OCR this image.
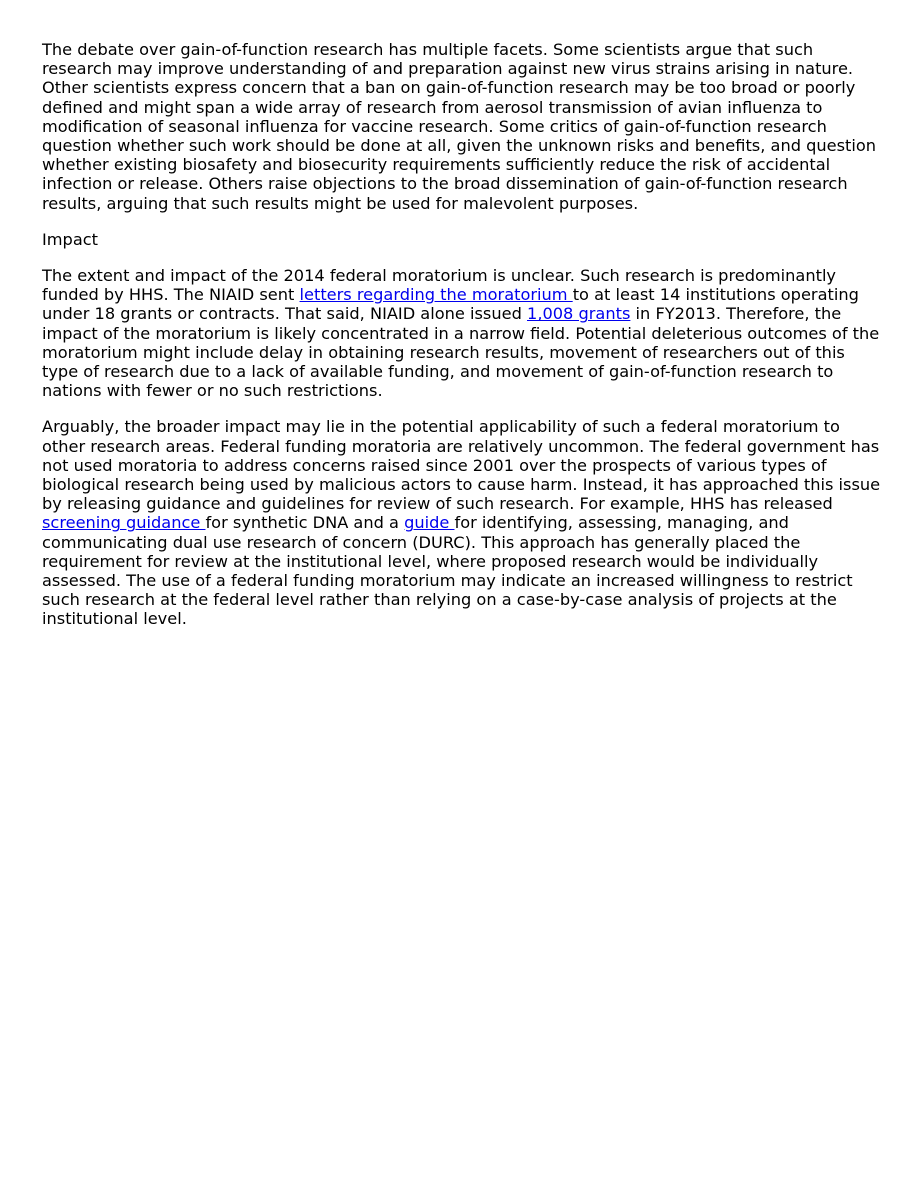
The debate over gain-of-function research has multiple facets. Some scientists argue that such research may improve understanding of and preparation against new virus strains arising in nature. Other scientists express concern that a ban on gain-of-function research may be too broad or poorly defined and might span a wide array of research from aerosol transmission of avian influenza to modification of seasonal influenza for vaccine research. Some critics of gain-of-function research question whether such work should be done at all, given the unknown risks and benefits, and question whether existing biosafety and biosecurity requirements sufficiently reduce the risk of accidental infection or release. Others raise objections to the broad dissemination of gain-of-function research results, arguing that such results might be used for malevolent purposes.

Impact

The extent and impact of the 2014 federal moratorium is unclear. Such research is predominantly funded by HHS. The NIAID sent letters regarding the moratorium to at least 14 institutions operating under 18 grants or contracts. That said, NIAID alone issued 1,008 grants in FY2013. Therefore, the impact of the moratorium is likely concentrated in a narrow field. Potential deleterious outcomes of the moratorium might include delay in obtaining research results, movement of researchers out of this type of research due to a lack of available funding, and movement of gain-of-function research to nations with fewer or no such restrictions.

Arguably, the broader impact may lie in the potential applicability of such a federal moratorium to other research areas. Federal funding moratoria are relatively uncommon. The federal government has not used moratoria to address concerns raised since 2001 over the prospects of various types of biological research being used by malicious actors to cause harm. Instead, it has approached this issue by releasing guidance and guidelines for review of such research. For example, HHS has released screening guidance for synthetic DNA and a guide for identifying, assessing, managing, and communicating dual use research of concern (DURC). This approach has generally placed the requirement for review at the institutional level, where proposed research would be individually assessed. The use of a federal funding moratorium may indicate an increased willingness to restrict such research at the federal level rather than relying on a case-by-case analysis of projects at the institutional level.
